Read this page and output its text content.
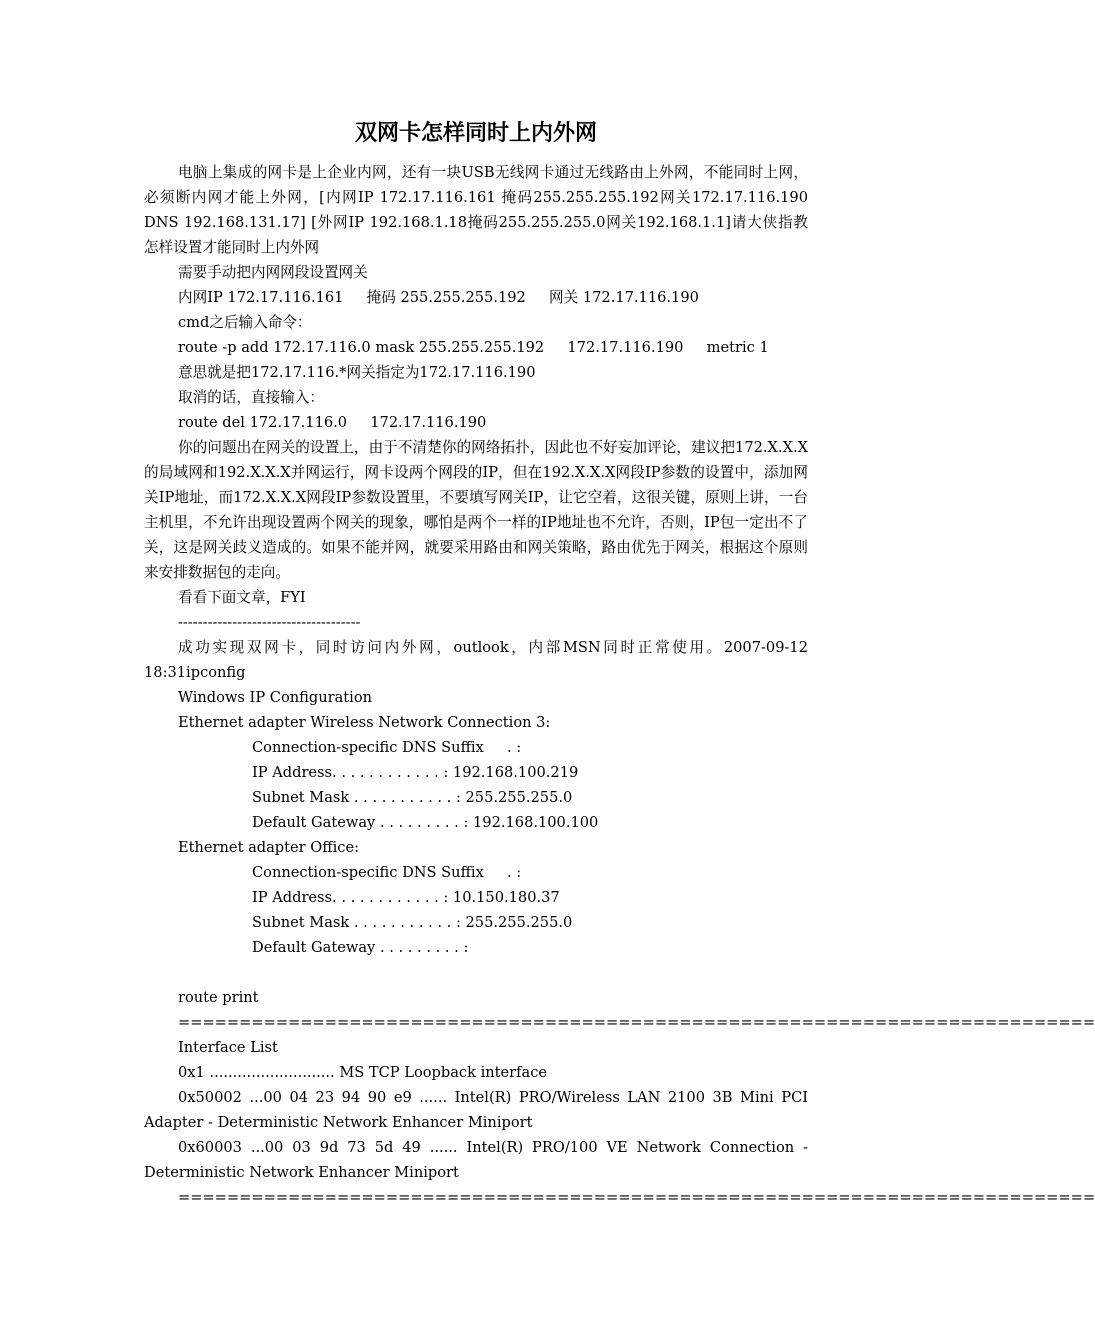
双网卡怎样同时上内外网

电脑上集成的网卡是上企业内网，还有一块USB无线网卡通过无线路由上外网，不能同时上网，必须断内网才能上外网，[内网IP 172.17.116.161 掩码255.255.255.192网关172.17.116.190 DNS 192.168.131.17] [外网IP 192.168.1.18掩码255.255.255.0网关192.168.1.1]请大侠指教怎样设置才能同时上内外网

需要手动把内网网段设置网关

内网IP 172.17.116.161     掩码 255.255.255.192     网关 172.17.116.190

cmd之后输入命令：

route -p add 172.17.116.0 mask 255.255.255.192     172.17.116.190     metric 1

意思就是把172.17.116.*网关指定为172.17.116.190

取消的话，直接输入：

route del 172.17.116.0     172.17.116.190

你的问题出在网关的设置上，由于不清楚你的网络拓扑，因此也不好妄加评论，建议把172.X.X.X的局域网和192.X.X.X并网运行，网卡设两个网段的IP，但在192.X.X.X网段IP参数的设置中，添加网关IP地址，而172.X.X.X网段IP参数设置里，不要填写网关IP，让它空着，这很关键，原则上讲，一台主机里，不允许出现设置两个网关的现象，哪怕是两个一样的IP地址也不允许，否则，IP包一定出不了关，这是网关歧义造成的。如果不能并网，就要采用路由和网关策略，路由优先于网关，根据这个原则来安排数据包的走向。

看看下面文章，FYI

-------------------------------------

成功实现双网卡，同时访问内外网，outlook，内部MSN同时正常使用。2007-09-12 18:31ipconfig

Windows IP Configuration

Ethernet adapter Wireless Network Connection 3:

Connection-specific DNS Suffix     . :

IP Address. . . . . . . . . . . . : 192.168.100.219

Subnet Mask . . . . . . . . . . . : 255.255.255.0

Default Gateway . . . . . . . . . : 192.168.100.100

Ethernet adapter Office:

Connection-specific DNS Suffix     . :

IP Address. . . . . . . . . . . . : 10.150.180.37

Subnet Mask . . . . . . . . . . . : 255.255.255.0

Default Gateway . . . . . . . . . :

route print

===========================================================================

Interface List

0x1 ........................... MS TCP Loopback interface

0x50002 ...00 04 23 94 90 e9 ...... Intel(R) PRO/Wireless LAN 2100 3B Mini PCI Adapter - Deterministic Network Enhancer Miniport

0x60003 ...00 03 9d 73 5d 49 ...... Intel(R) PRO/100 VE Network Connection - Deterministic Network Enhancer Miniport

===========================================================================
